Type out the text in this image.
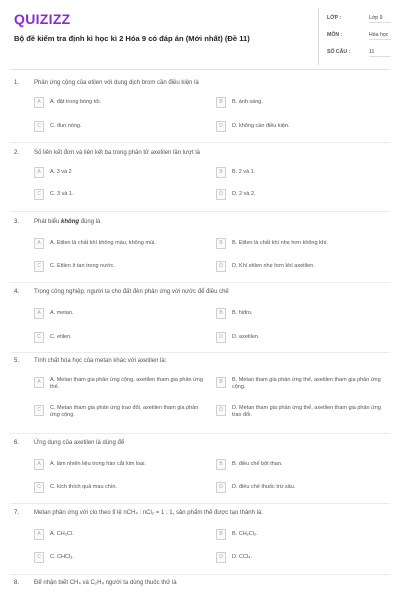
QUIZIZZ
Bộ đề kiểm tra định kì học kì 2 Hóa 9 có đáp án (Mới nhất) (Đề 11)
LỚP :	Lớp 9
MÔN :	Hóa học
SỐ CÂU :	11
1. Phản ứng cộng của etilen với dung dịch brom cần điều kiện là
A	A. đặt trong bóng tối.	B	B. ánh sáng.
C	C. đun nóng.	D	D. không cần điều kiện.
2. Số liên kết đơn và liên kết ba trong phân tử axetilen lần lượt là
A	A. 3 và 2	B	B. 2 và 1.
C	C. 3 và 1.	D	D. 2 và 2.
3. Phát biểu không đúng là
A	A. Etilen là chất khí không màu, không mùi.	B	B. Etilen là chất khí nhẹ hơn không khí.
C	C. Etilen ít tan trong nước.	D	D. Khí etilen nhẹ hơn khí axetilen.
4. Trong công nghiệp, người ta cho đất đèn phản ứng với nước để điều chế
A	A. metan.	B	B. hiđro.
C	C. etilen.	D	D. axetilen.
5. Tính chất hóa học của metan khác với axetilen là:
A	A. Metan tham gia phản ứng cộng, axetilen tham gia phản ứng thế.
B	B. Metan tham gia phản ứng thế, axetilen tham gia phản ứng cộng.
C	C. Metan tham gia phản ứng trao đổi, axetilen tham gia phản ứng cộng.
D	D. Metan tham gia phản ứng thế, axetilen tham gia phản ứng trao đổi.
6. Ứng dụng của axetilen là dùng để
A	A. làm nhiên liệu trong hàn cắt kim loại.	B	B. điều chế bột than.
C	C. kích thích quả mau chín.	D	D. điều chế thuốc trừ sâu.
7. Metan phản ứng với clo theo tỉ lệ nCH₄ : nCl₂ = 1 : 1, sản phẩm thế được tạo thành là:
A	A. CH₃Cl.	B	B. CH₂Cl₂.
C	C. CHCl₃.	D	D. CCl₄.
8. Để nhận biết CH₄ và C₂H₄ người ta dùng thuốc thử là
